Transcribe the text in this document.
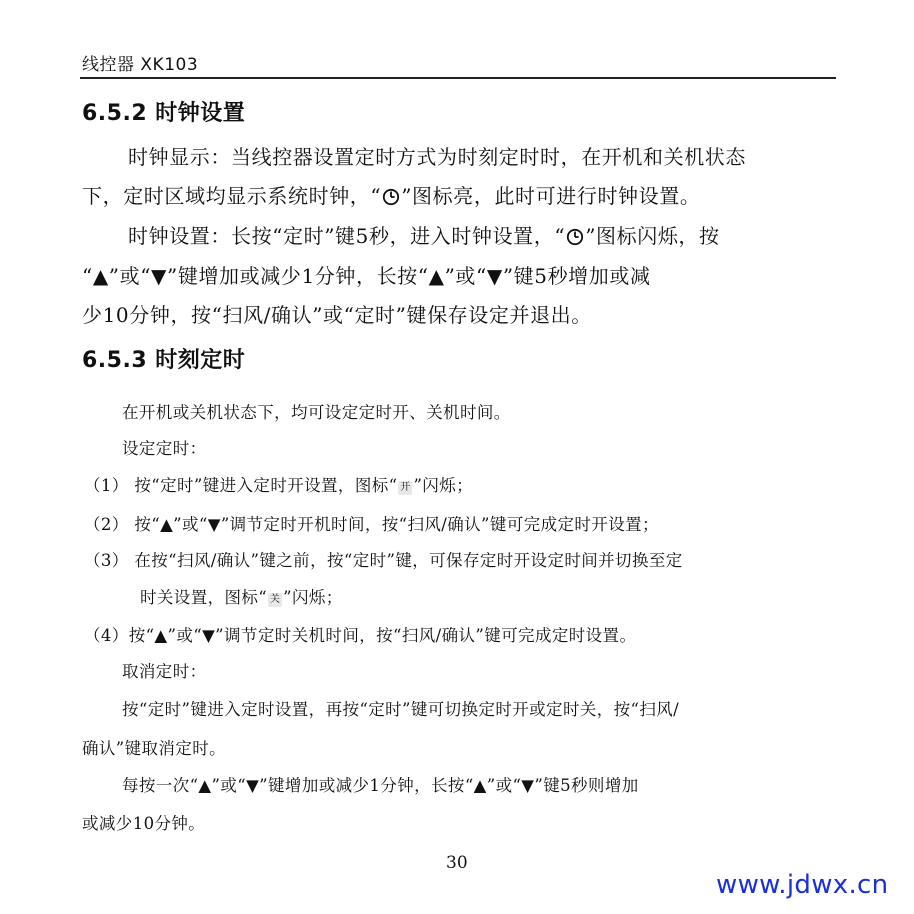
线控器 XK103
6.5.2 时钟设置
时钟显示：当线控器设置定时方式为时刻定时时，在开机和关机状态
下，定时区域均显示系统时钟，“ ”图标亮，此时可进行时钟设置。
时钟设置：长按“定时”键5秒，进入时钟设置，“ ”图标闪烁，按
“▲”或“▼”键增加或减少1分钟，长按“▲”或“▼”键5秒增加或减
少10分钟，按“扫风/确认”或“定时”键保存设定并退出。
6.5.3 时刻定时
在开机或关机状态下，均可设定定时开、关机时间。
设定定时：
（1） 按“定时”键进入定时开设置，图标“ 开 ”闪烁；
（2） 按“▲”或“▼”调节定时开机时间，按“扫风/确认”键可完成定时开设置；
（3） 在按“扫风/确认”键之前，按“定时”键，可保存定时开设定时间并切换至定
时关设置，图标“ 关 ”闪烁；
（4）按“▲”或“▼”调节定时关机时间，按“扫风/确认”键可完成定时设置。
取消定时：
按“定时”键进入定时设置，再按“定时”键可切换定时开或定时关，按“扫风/
确认”键取消定时。
每按一次“▲”或“▼”键增加或减少1分钟，长按“▲”或“▼”键5秒则增加
或减少10分钟。
30
www.jdwx.cn
